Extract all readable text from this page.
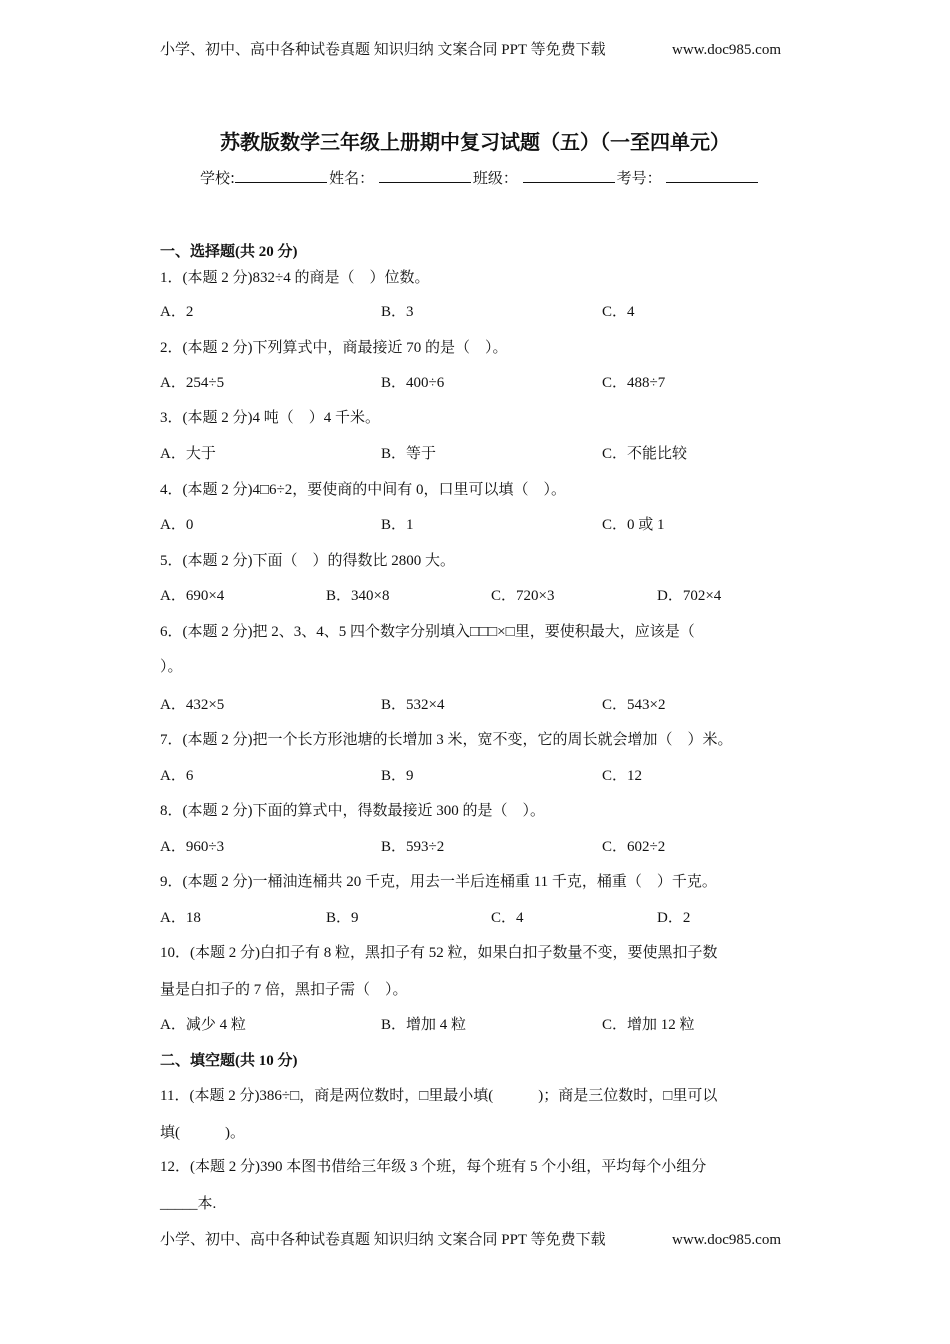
小学、初中、高中各种试卷真题 知识归纳 文案合同 PPT 等免费下载	www.doc985.com
苏教版数学三年级上册期中复习试题（五）（一至四单元）
学校:	姓名：	班级：	考号：
一、选择题(共 20 分)
1．(本题 2 分)832÷4 的商是（　）位数。
A．2	B．3	C．4
2．(本题 2 分)下列算式中，商最接近 70 的是（　）。
A．254÷5	B．400÷6	C．488÷7
3．(本题 2 分)4 吨（　）4 千米。
A．大于	B．等于	C．不能比较
4．(本题 2 分)4□6÷2，要使商的中间有 0，口里可以填（　）。
A．0	B．1	C．0 或 1
5．(本题 2 分)下面（　）的得数比 2800 大。
A．690×4	B．340×8	C．720×3	D．702×4
6．(本题 2 分)把 2、3、4、5 四个数字分别填入□□□×□里，要使积最大，应该是（
）。
A．432×5	B．532×4	C．543×2
7．(本题 2 分)把一个长方形池塘的长增加 3 米，宽不变，它的周长就会增加（　）米。
A．6	B．9	C．12
8．(本题 2 分)下面的算式中，得数最接近 300 的是（　）。
A．960÷3	B．593÷2	C．602÷2
9．(本题 2 分)一桶油连桶共 20 千克，用去一半后连桶重 11 千克，桶重（　）千克。
A．18	B．9	C．4	D．2
10．(本题 2 分)白扣子有 8 粒，黑扣子有 52 粒，如果白扣子数量不变，要使黑扣子数
量是白扣子的 7 倍，黑扣子需（　）。
A．减少 4 粒	B．增加 4 粒	C．增加 12 粒
二、填空题(共 10 分)
11．(本题 2 分)386÷□，商是两位数时，□里最小填(　　　)；商是三位数时，□里可以
填(　　　)。
12．(本题 2 分)390 本图书借给三年级 3 个班，每个班有 5 个小组，平均每个小组分
_____本.
小学、初中、高中各种试卷真题 知识归纳 文案合同 PPT 等免费下载	www.doc985.com
